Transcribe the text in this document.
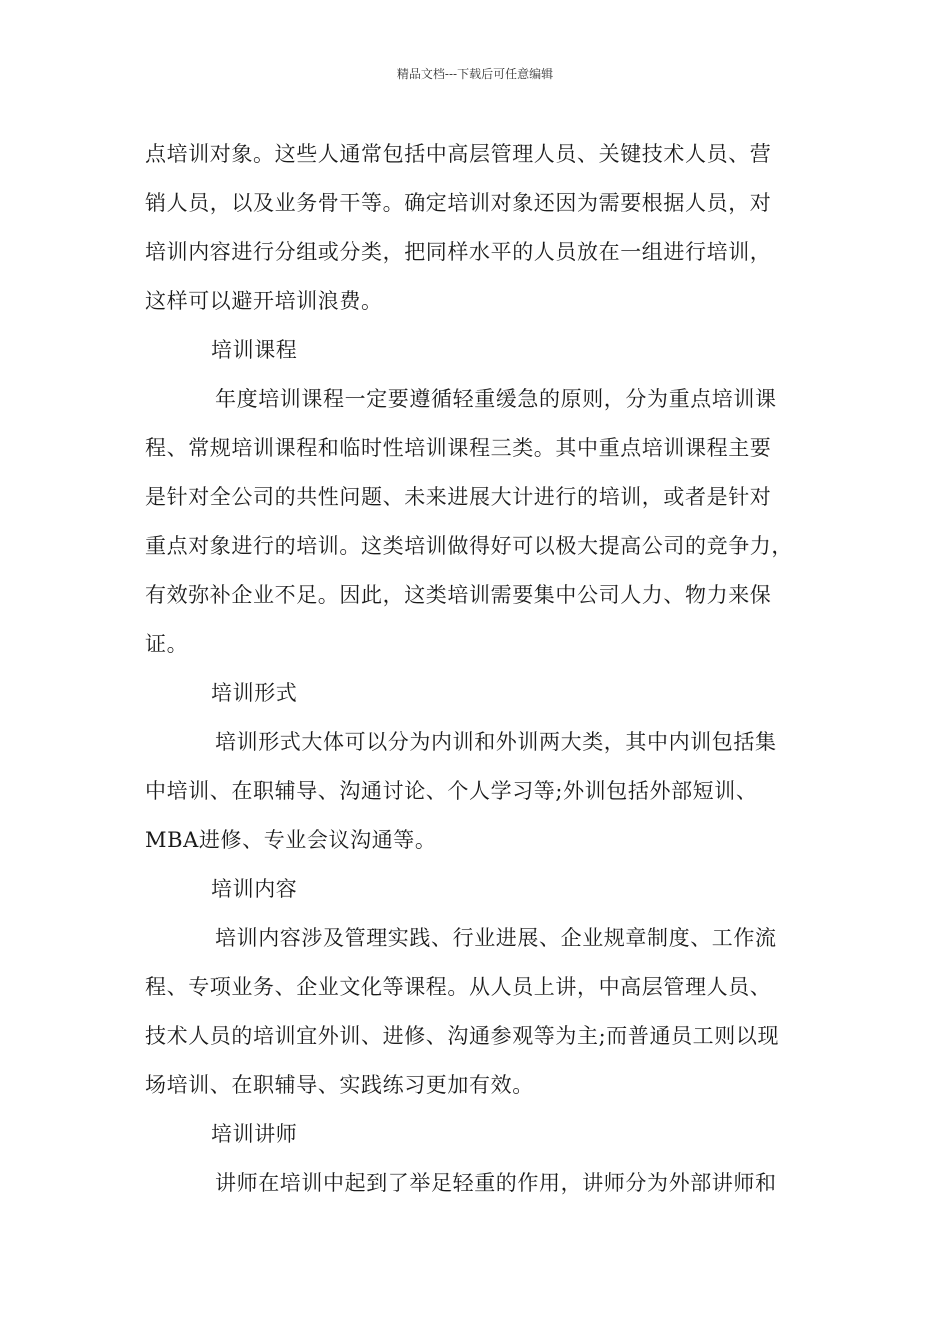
精品文档---下载后可任意编辑
点培训对象。这些人通常包括中高层管理人员、关键技术人员、营
销人员，以及业务骨干等。确定培训对象还因为需要根据人员，对
培训内容进行分组或分类，把同样水平的人员放在一组进行培训，
这样可以避开培训浪费。
培训课程
年度培训课程一定要遵循轻重缓急的原则，分为重点培训课
程、常规培训课程和临时性培训课程三类。其中重点培训课程主要
是针对全公司的共性问题、未来进展大计进行的培训，或者是针对
重点对象进行的培训。这类培训做得好可以极大提高公司的竞争力，
有效弥补企业不足。因此，这类培训需要集中公司人力、物力来保
证。
培训形式
培训形式大体可以分为内训和外训两大类，其中内训包括集
中培训、在职辅导、沟通讨论、个人学习等;外训包括外部短训、
MBA进修、专业会议沟通等。
培训内容
培训内容涉及管理实践、行业进展、企业规章制度、工作流
程、专项业务、企业文化等课程。从人员上讲，中高层管理人员、
技术人员的培训宜外训、进修、沟通参观等为主;而普通员工则以现
场培训、在职辅导、实践练习更加有效。
培训讲师
讲师在培训中起到了举足轻重的作用，讲师分为外部讲师和
